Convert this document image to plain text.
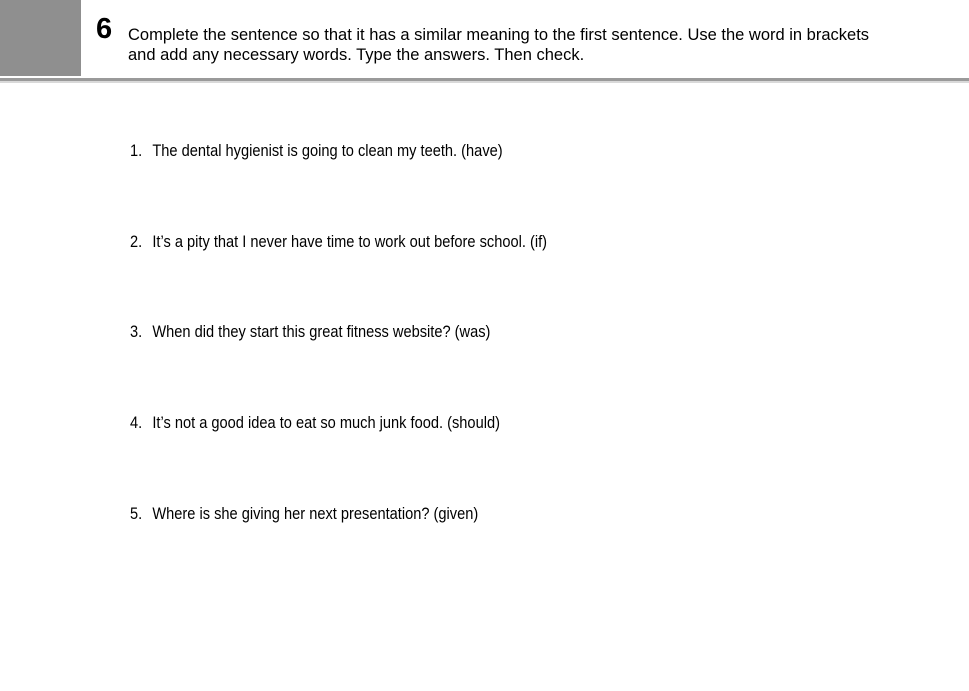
6 Complete the sentence so that it has a similar meaning to the first sentence. Use the word in brackets and add any necessary words. Type the answers. Then check.
1. The dental hygienist is going to clean my teeth. (have)
2. It’s a pity that I never have time to work out before school. (if)
3. When did they start this great fitness website? (was)
4. It’s not a good idea to eat so much junk food. (should)
5. Where is she giving her next presentation? (given)
